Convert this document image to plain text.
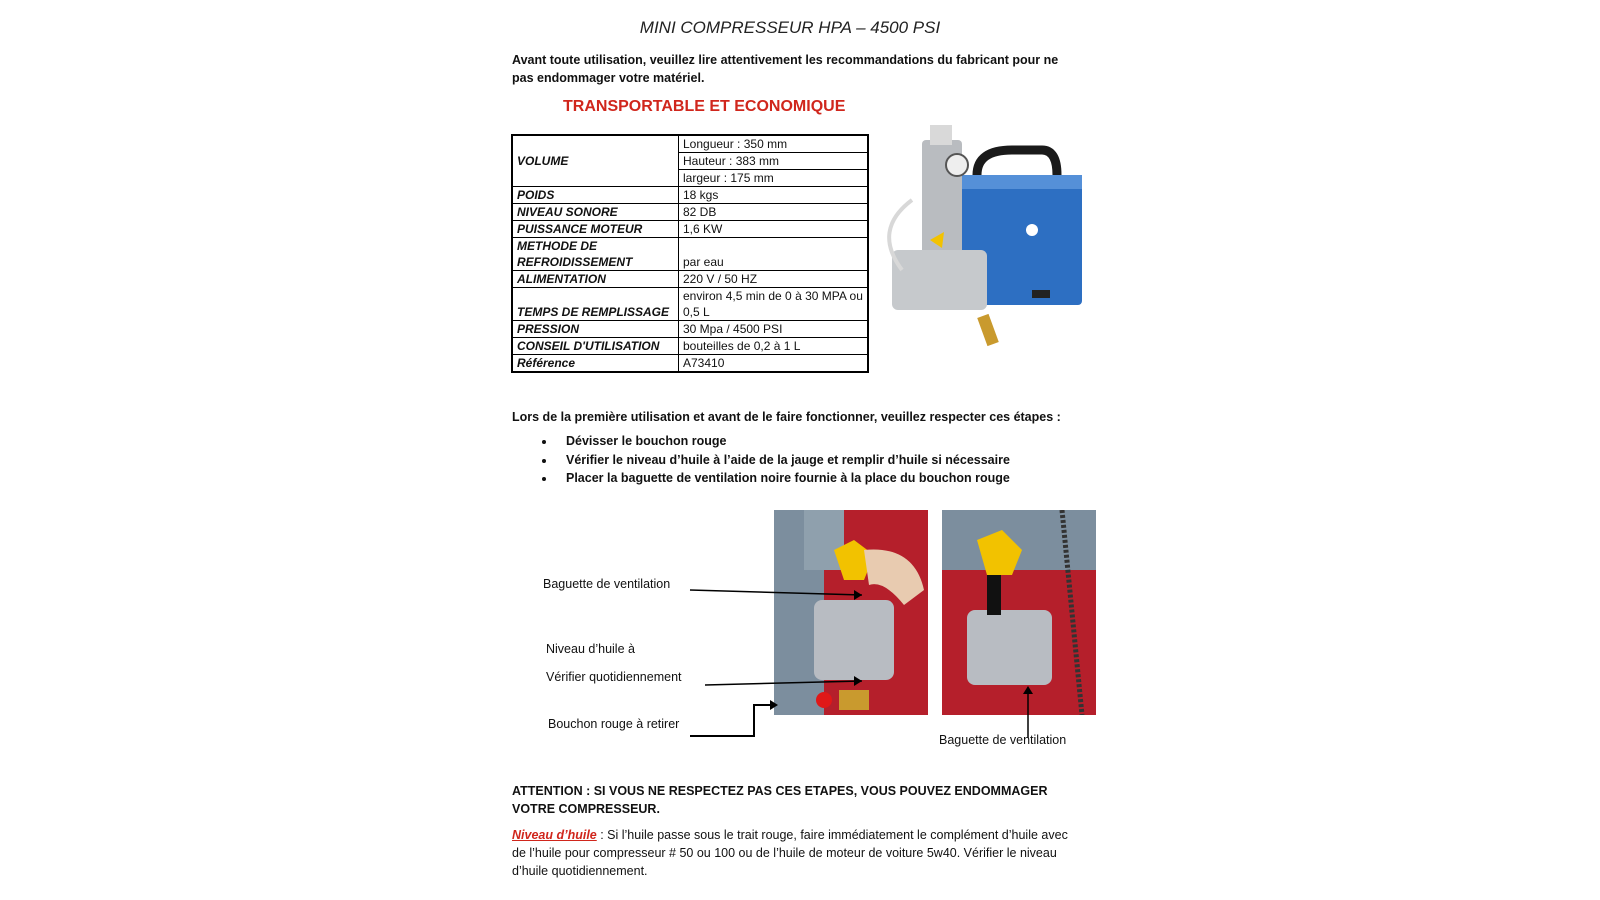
MINI COMPRESSEUR HPA – 4500 PSI
Avant toute utilisation, veuillez lire attentivement les recommandations du fabricant pour ne pas endommager votre matériel.
TRANSPORTABLE ET ECONOMIQUE
VOLUME	Longueur : 350 mm
	Hauteur : 383 mm
	largeur : 175 mm
POIDS	18 kgs
NIVEAU SONORE	82 DB
PUISSANCE MOTEUR	1,6 KW
METHODE DE REFROIDISSEMENT	par eau
ALIMENTATION	220 V / 50 HZ
TEMPS DE REMPLISSAGE	environ 4,5 min de 0 à 30 MPA ou 0,5 L
PRESSION	30 Mpa / 4500 PSI
CONSEIL D'UTILISATION	bouteilles de 0,2 à 1 L
Référence	A73410
Lors de la première utilisation et avant de le faire fonctionner, veuillez respecter ces étapes :
• Dévisser le bouchon rouge
• Vérifier le niveau d’huile à l’aide de la jauge et remplir d’huile si nécessaire
• Placer la baguette de ventilation noire fournie à la place du bouchon rouge
Baguette de ventilation
Niveau d’huile à
Vérifier quotidiennement
Bouchon rouge à retirer
Baguette de ventilation
ATTENTION : SI VOUS NE RESPECTEZ PAS CES ETAPES, VOUS POUVEZ ENDOMMAGER VOTRE COMPRESSEUR.
Niveau d’huile : Si l’huile passe sous le trait rouge, faire immédiatement le complément d’huile avec de l’huile pour compresseur # 50 ou 100 ou de l’huile de moteur de voiture 5w40. Vérifier le niveau d’huile quotidiennement.
